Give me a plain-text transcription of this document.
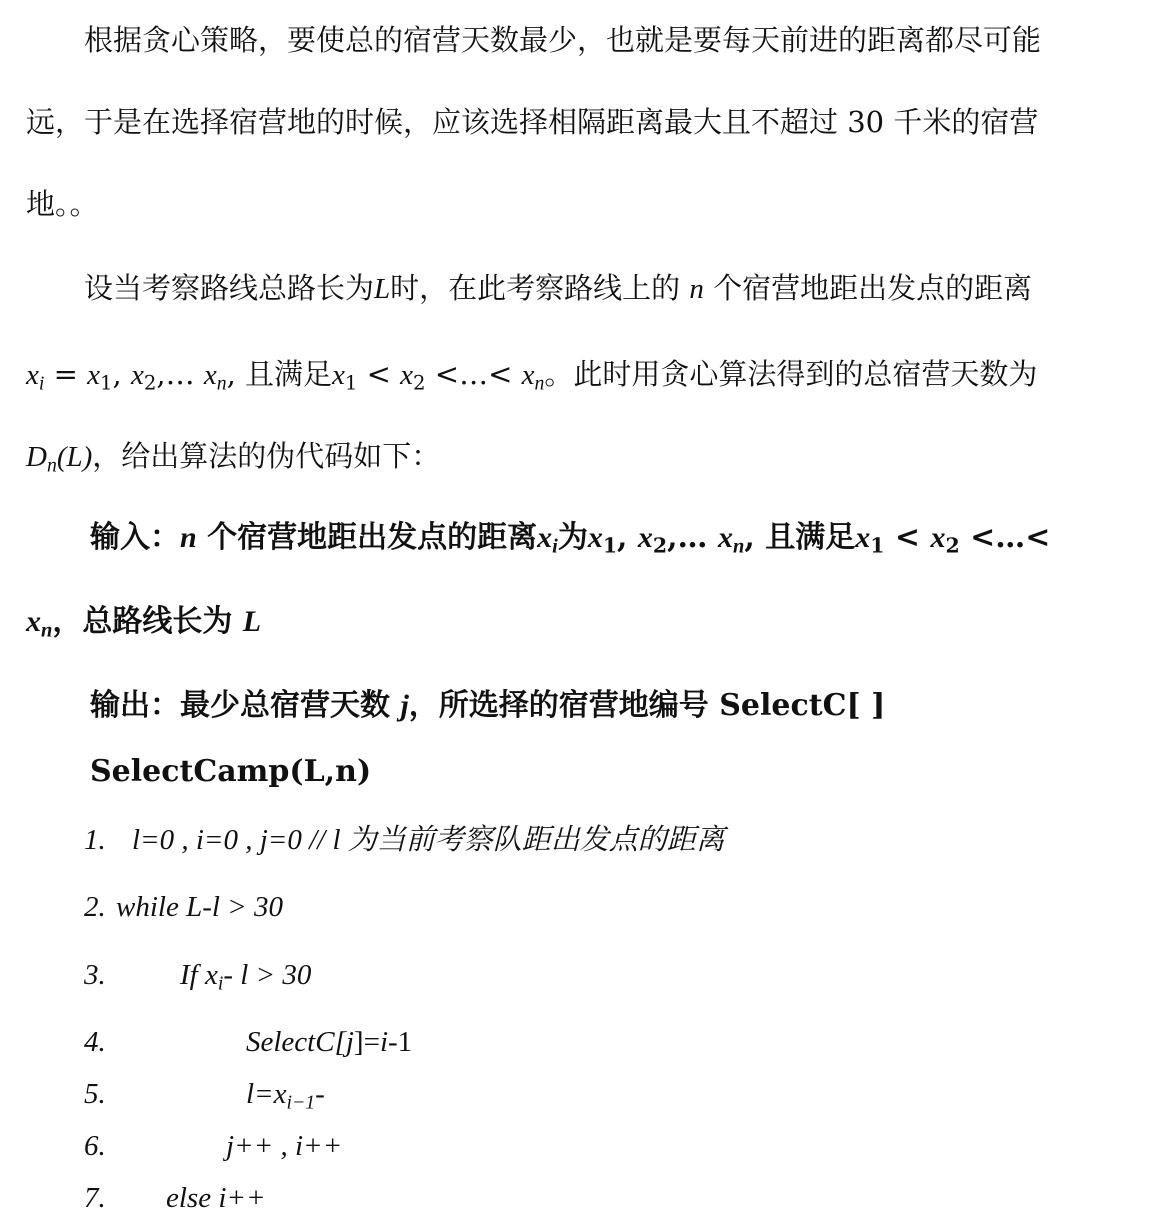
根据贪心策略，要使总的宿营天数最少，也就是要每天前进的距离都尽可能
远，于是在选择宿营地的时候，应该选择相隔距离最大且不超过 30 千米的宿营
地。。
设当考察路线总路长为L时，在此考察路线上的 n 个宿营地距出发点的距离
$x_i = x_1$, $x_2,\dots$ $x_n$, 且满足$x_1 < x_2$ <…< $x_n$。此时用贪心算法得到的总宿营天数为
$D_n(L)$，给出算法的伪代码如下：
输入：n 个宿营地距出发点的距离$x_i$为$x_1$, $x_2,\dots$ $x_n$, 且满足$x_1 < x_2$ <…<
$x_n$，总路线长为 L
输出：最少总宿营天数 j，所选择的宿营地编号 SelectC[ ]
SelectCamp(L,n)
1. l=0 , i=0 , j=0 // l 为当前考察队距出发点的距离
2. while L-l > 30
3.	If $x_i-$ l > 30
4.	SelectC[j]=i-1
5.	$l=x_{i-1}-$
6.	j++ , i++
7. else i++
